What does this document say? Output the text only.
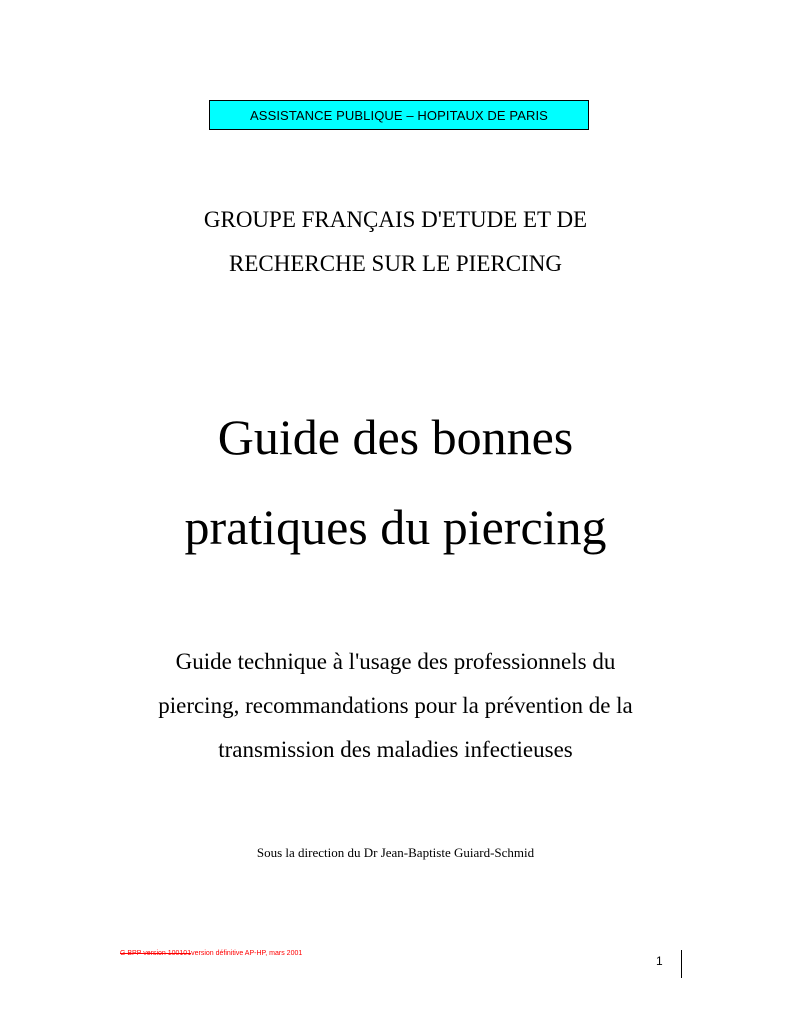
ASSISTANCE PUBLIQUE – HOPITAUX DE PARIS
GROUPE FRANÇAIS D'ETUDE ET DE
RECHERCHE SUR LE PIERCING
Guide des bonnes
pratiques du piercing
Guide technique à l'usage des professionnels du
piercing, recommandations pour la prévention de la
transmission des maladies infectieuses
Sous la direction du Dr Jean-Baptiste Guiard-Schmid
G BPP version 100101version définitive AP-HP, mars 2001
1
